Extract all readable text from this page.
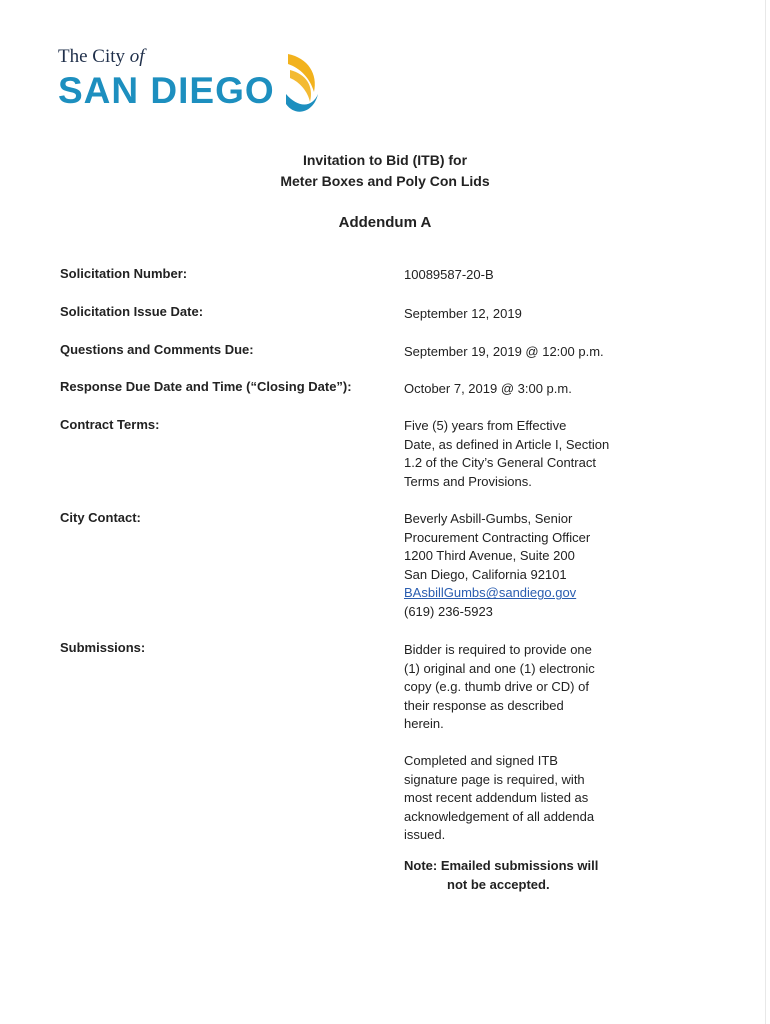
The City of
SAN DIEGO
Invitation to Bid (ITB) for
Meter Boxes and Poly Con Lids
Addendum A
Solicitation Number:	10089587-20-B
Solicitation Issue Date:	September 12, 2019
Questions and Comments Due:	September 19, 2019 @ 12:00 p.m.
Response Due Date and Time (“Closing Date”):	October 7, 2019 @ 3:00 p.m.
Contract Terms:	Five (5) years from Effective
Date, as defined in Article I, Section
1.2 of the City’s General Contract
Terms and Provisions.
City Contact:	Beverly Asbill-Gumbs, Senior
Procurement Contracting Officer
1200 Third Avenue, Suite 200
San Diego, California 92101
BAsbillGumbs@sandiego.gov
(619) 236-5923
Submissions:	Bidder is required to provide one
(1) original and one (1) electronic
copy (e.g. thumb drive or CD) of
their response as described
herein.
Completed and signed ITB
signature page is required, with
most recent addendum listed as
acknowledgement of all addenda
issued.
Note: Emailed submissions will
not be accepted.
